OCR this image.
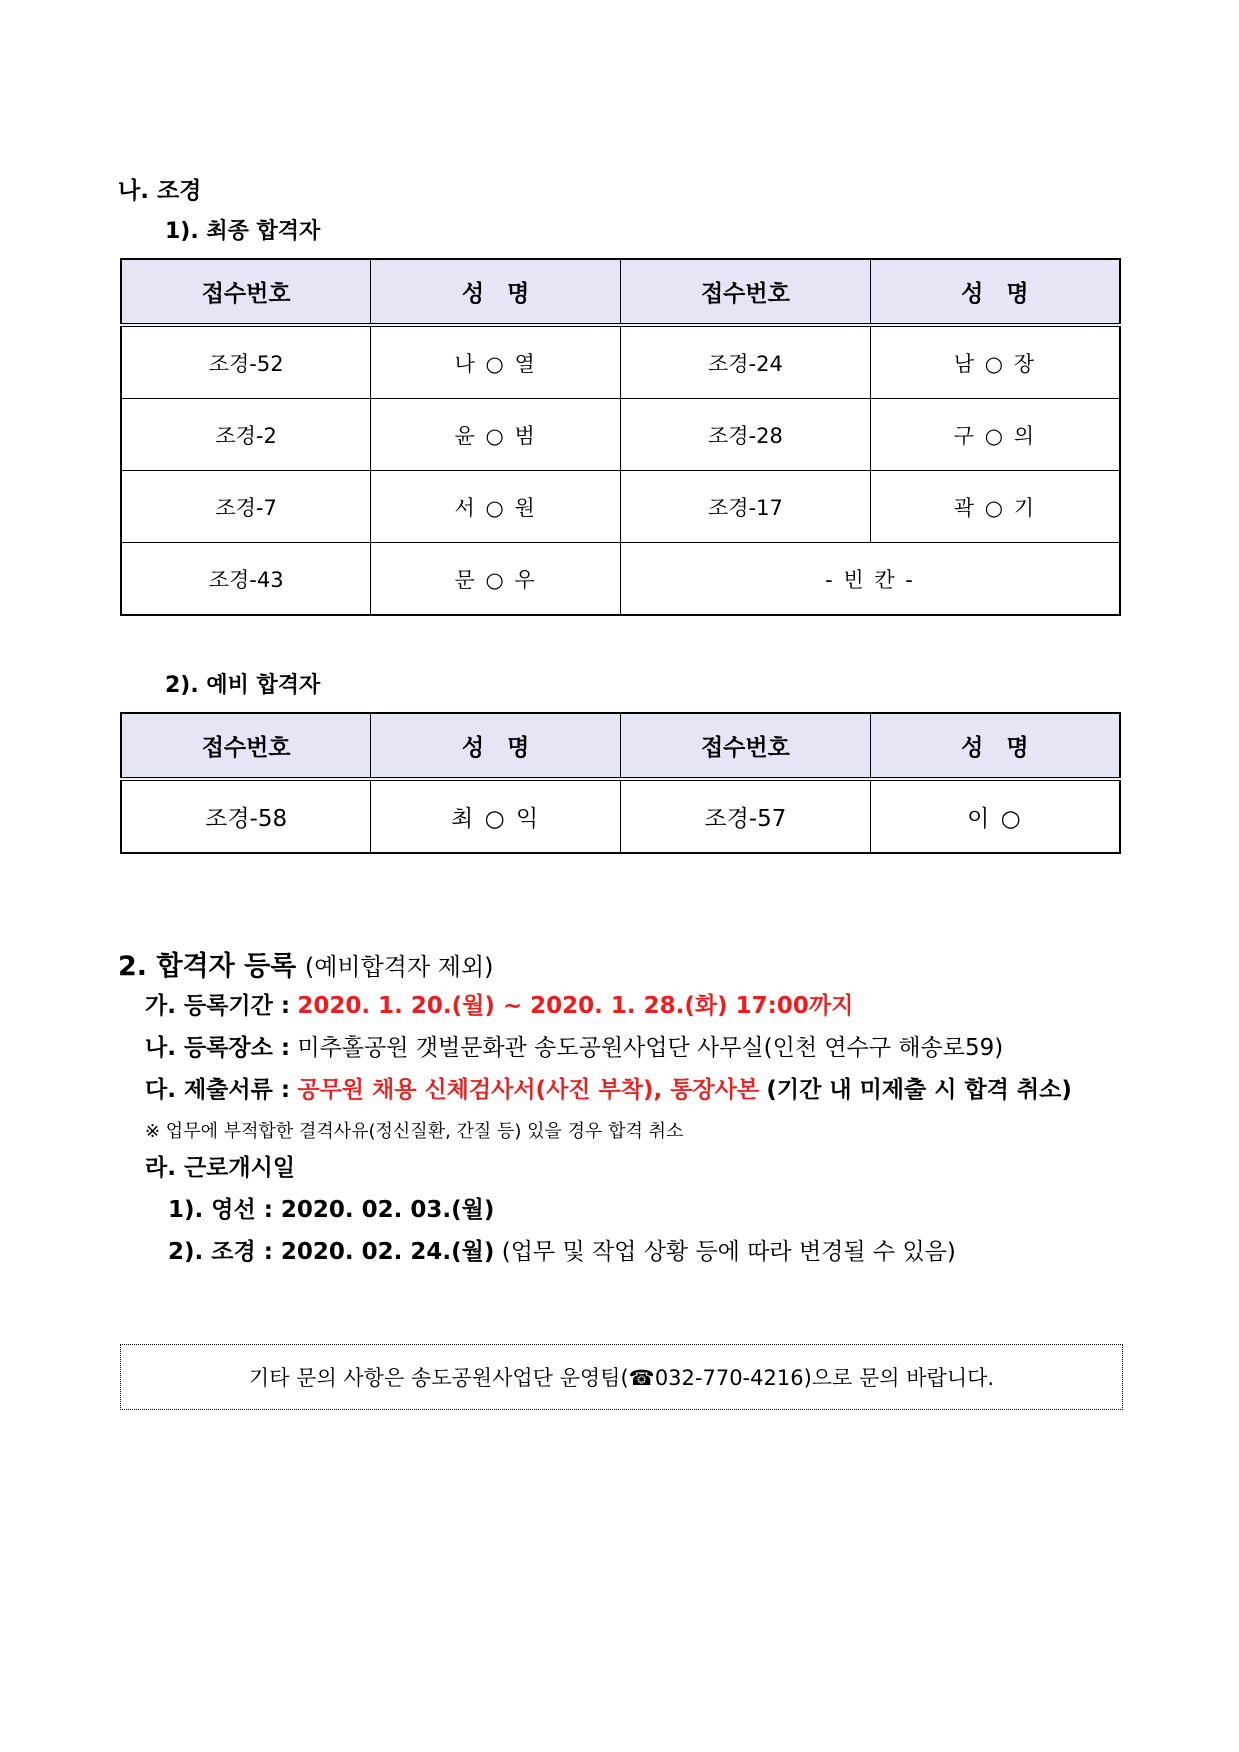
나. 조경
1). 최종 합격자
접수번호	성　명	접수번호	성　명
조경-52	나 ○ 열	조경-24	남 ○ 장
조경-2	윤 ○ 범	조경-28	구 ○ 의
조경-7	서 ○ 원	조경-17	곽 ○ 기
조경-43	문 ○ 우	- 빈 칸 -	
2). 예비 합격자
접수번호	성　명	접수번호	성　명
조경-58	최 ○ 익	조경-57	이 ○
2. 합격자 등록 (예비합격자 제외)
가. 등록기간 : 2020. 1. 20.(월) ~ 2020. 1. 28.(화) 17:00까지
나. 등록장소 : 미추홀공원 갯벌문화관 송도공원사업단 사무실(인천 연수구 해송로59)
다. 제출서류 : 공무원 채용 신체검사서(사진 부착), 통장사본 (기간 내 미제출 시 합격 취소)
※ 업무에 부적합한 결격사유(정신질환, 간질 등) 있을 경우 합격 취소
라. 근로개시일
1). 영선 : 2020. 02. 03.(월)
2). 조경 : 2020. 02. 24.(월) (업무 및 작업 상황 등에 따라 변경될 수 있음)
기타 문의 사항은 송도공원사업단 운영팀(☎032-770-4216)으로 문의 바랍니다.
